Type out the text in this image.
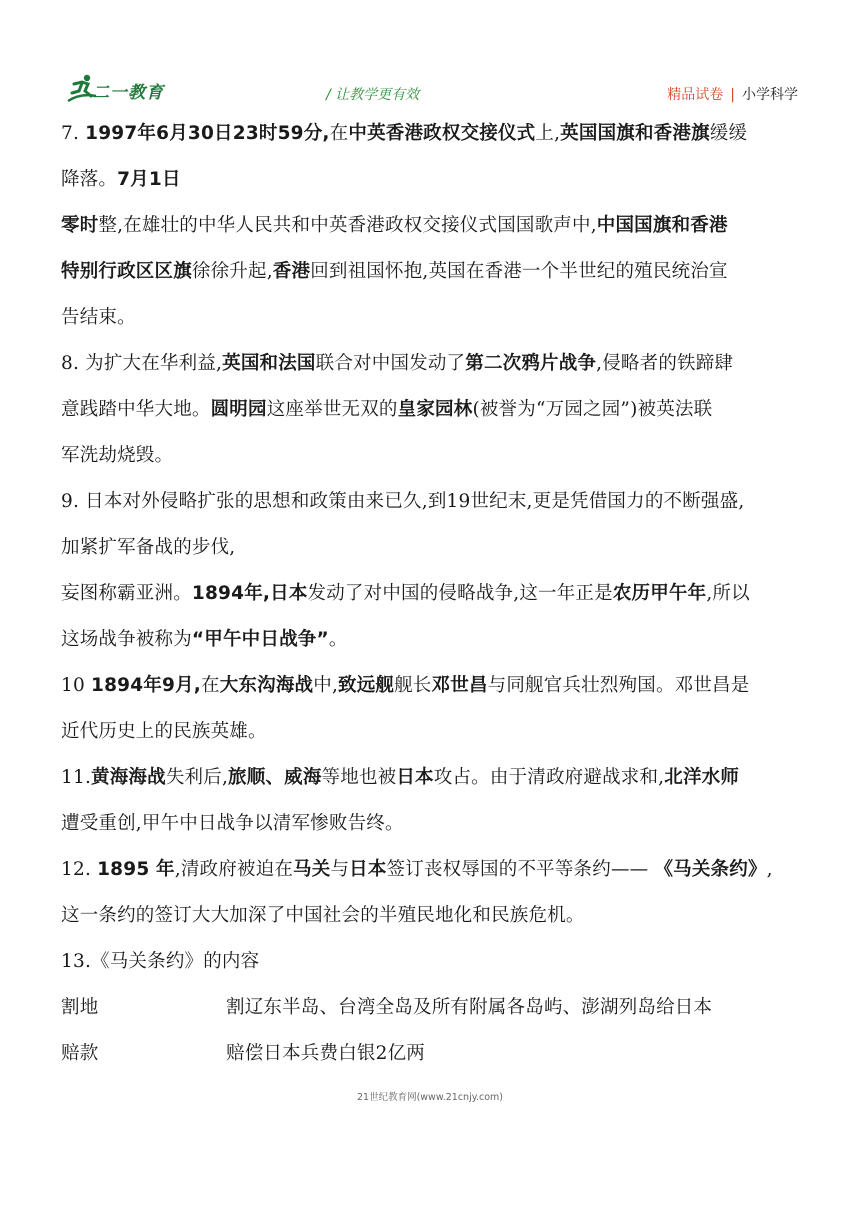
二一教育	/ 让教学更有效	精品试卷 | 小学科学
7. 1997年6月30日23时59分,在中英香港政权交接仪式上,英国国旗和香港旗缓缓
降落。7月1日
零时整,在雄壮的中华人民共和中英香港政权交接仪式国国歌声中,中国国旗和香港
特别行政区区旗徐徐升起,香港回到祖国怀抱,英国在香港一个半世纪的殖民统治宣
告结束。
8. 为扩大在华利益,英国和法国联合对中国发动了第二次鸦片战争,侵略者的铁蹄肆
意践踏中华大地。圆明园这座举世无双的皇家园林(被誉为“万园之园”)被英法联
军洗劫烧毁。
9. 日本对外侵略扩张的思想和政策由来已久,到19世纪末,更是凭借国力的不断强盛,
加紧扩军备战的步伐,
妄图称霸亚洲。1894年,日本发动了对中国的侵略战争,这一年正是农历甲午年,所以
这场战争被称为“甲午中日战争”。
10 1894年9月,在大东沟海战中,致远舰舰长邓世昌与同舰官兵壮烈殉国。邓世昌是
近代历史上的民族英雄。
11.黄海海战失利后,旅顺、威海等地也被日本攻占。由于清政府避战求和,北洋水师
遭受重创,甲午中日战争以清军惨败告终。
12. 1895 年,清政府被迫在马关与日本签订丧权辱国的不平等条约—— 《马关条约》,
这一条约的签订大大加深了中国社会的半殖民地化和民族危机。
13.《马关条约》的内容
割地	割辽东半岛、台湾全岛及所有附属各岛屿、澎湖列岛给日本
赔款	赔偿日本兵费白银2亿两
21世纪教育网(www.21cnjy.com)
